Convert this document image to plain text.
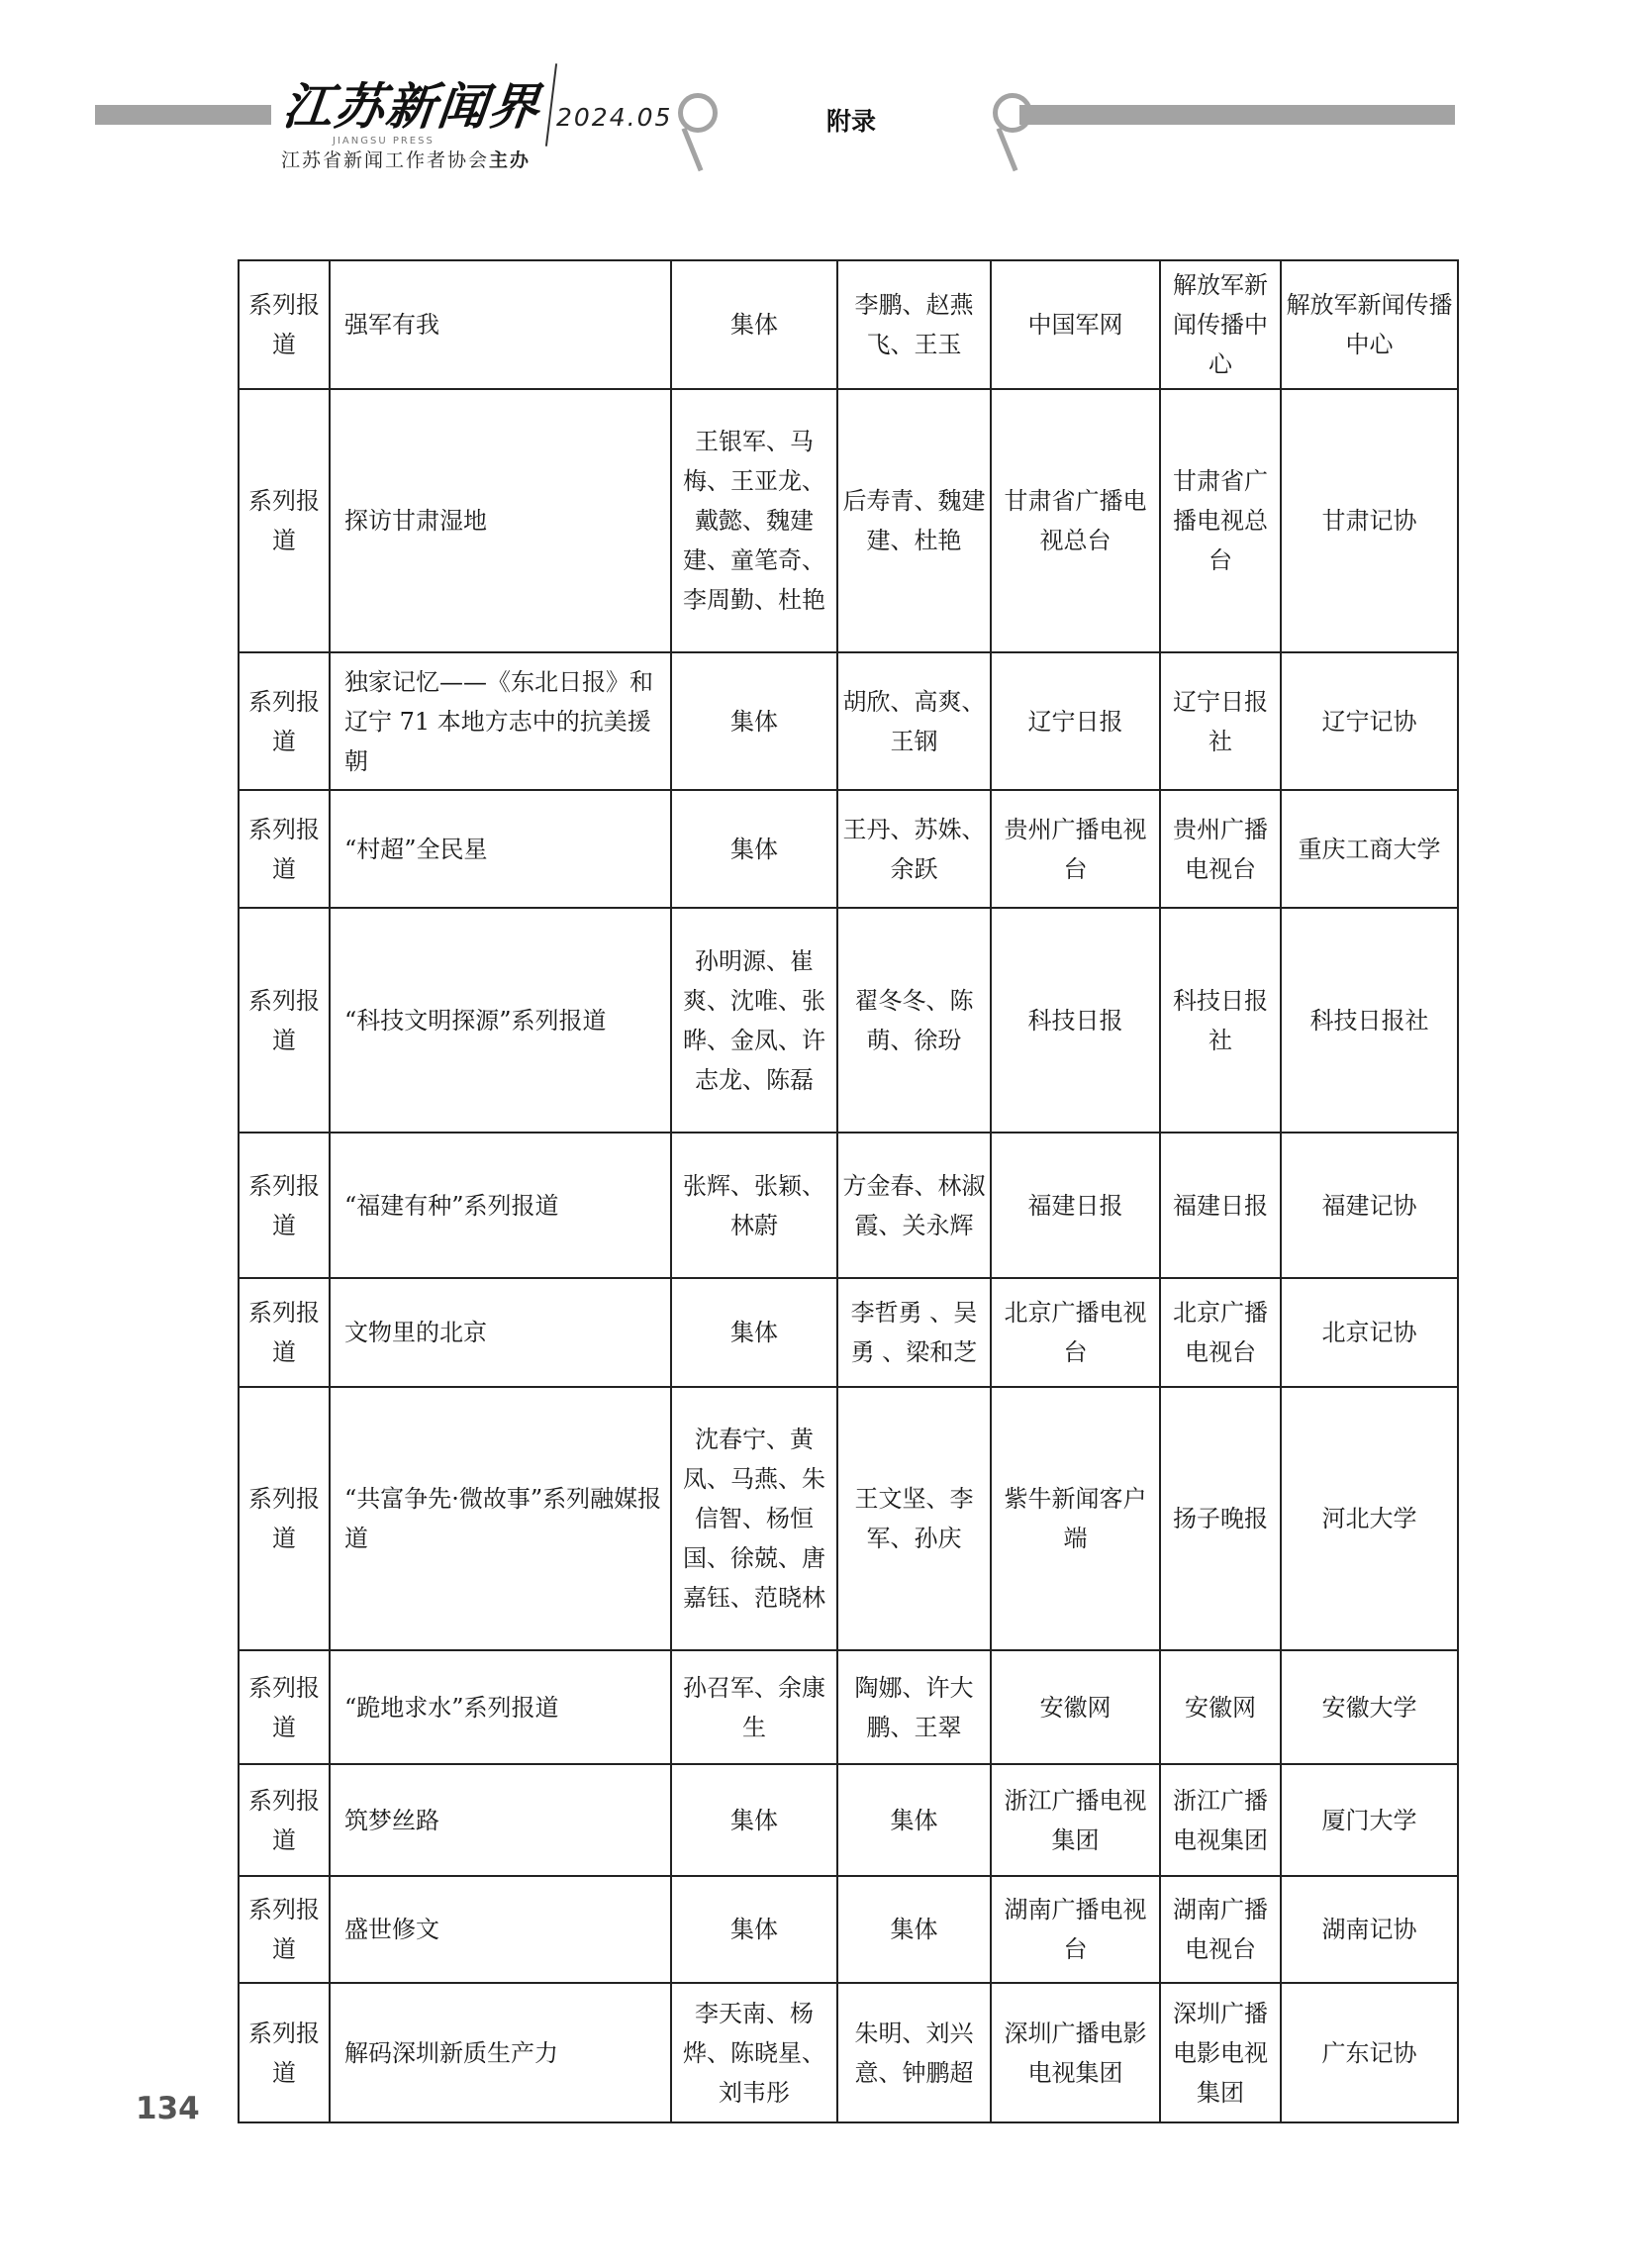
江苏新闻界
JIANGSU PRESS
2024.05
江苏省新闻工作者协会主办
附录
系列报道	强军有我	集体	李鹏、赵燕飞、王玉	中国军网	解放军新闻传播中心	解放军新闻传播中心
系列报道	探访甘肃湿地	王银军、马梅、王亚龙、戴懿、魏建建、童笔奇、李周勤、杜艳	后寿青、魏建建、杜艳	甘肃省广播电视总台	甘肃省广播电视总台	甘肃记协
系列报道	独家记忆——《东北日报》和辽宁 71 本地方志中的抗美援朝	集体	胡欣、高爽、王钢	辽宁日报	辽宁日报社	辽宁记协
系列报道	“村超”全民星	集体	王丹、苏姝、余跃	贵州广播电视台	贵州广播电视台	重庆工商大学
系列报道	“科技文明探源”系列报道	孙明源、崔爽、沈唯、张晔、金凤、许志龙、陈磊	翟冬冬、陈萌、徐玢	科技日报	科技日报社	科技日报社
系列报道	“福建有种”系列报道	张辉、张颖、林蔚	方金春、林淑霞、关永辉	福建日报	福建日报	福建记协
系列报道	文物里的北京	集体	李哲勇 、吴勇 、梁和芝	北京广播电视台	北京广播电视台	北京记协
系列报道	“共富争先·微故事”系列融媒报道	沈春宁、黄凤、马燕、朱信智、杨恒国、徐兢、唐嘉钰、范晓林	王文坚、李军、孙庆	紫牛新闻客户端	扬子晚报	河北大学
系列报道	“跪地求水”系列报道	孙召军、余康生	陶娜、许大鹏、王翠	安徽网	安徽网	安徽大学
系列报道	筑梦丝路	集体	集体	浙江广播电视集团	浙江广播电视集团	厦门大学
系列报道	盛世修文	集体	集体	湖南广播电视台	湖南广播电视台	湖南记协
系列报道	解码深圳新质生产力	李天南、杨烨、陈晓星、刘韦彤	朱明、刘兴意、钟鹏超	深圳广播电影电视集团	深圳广播电影电视集团	广东记协
134
